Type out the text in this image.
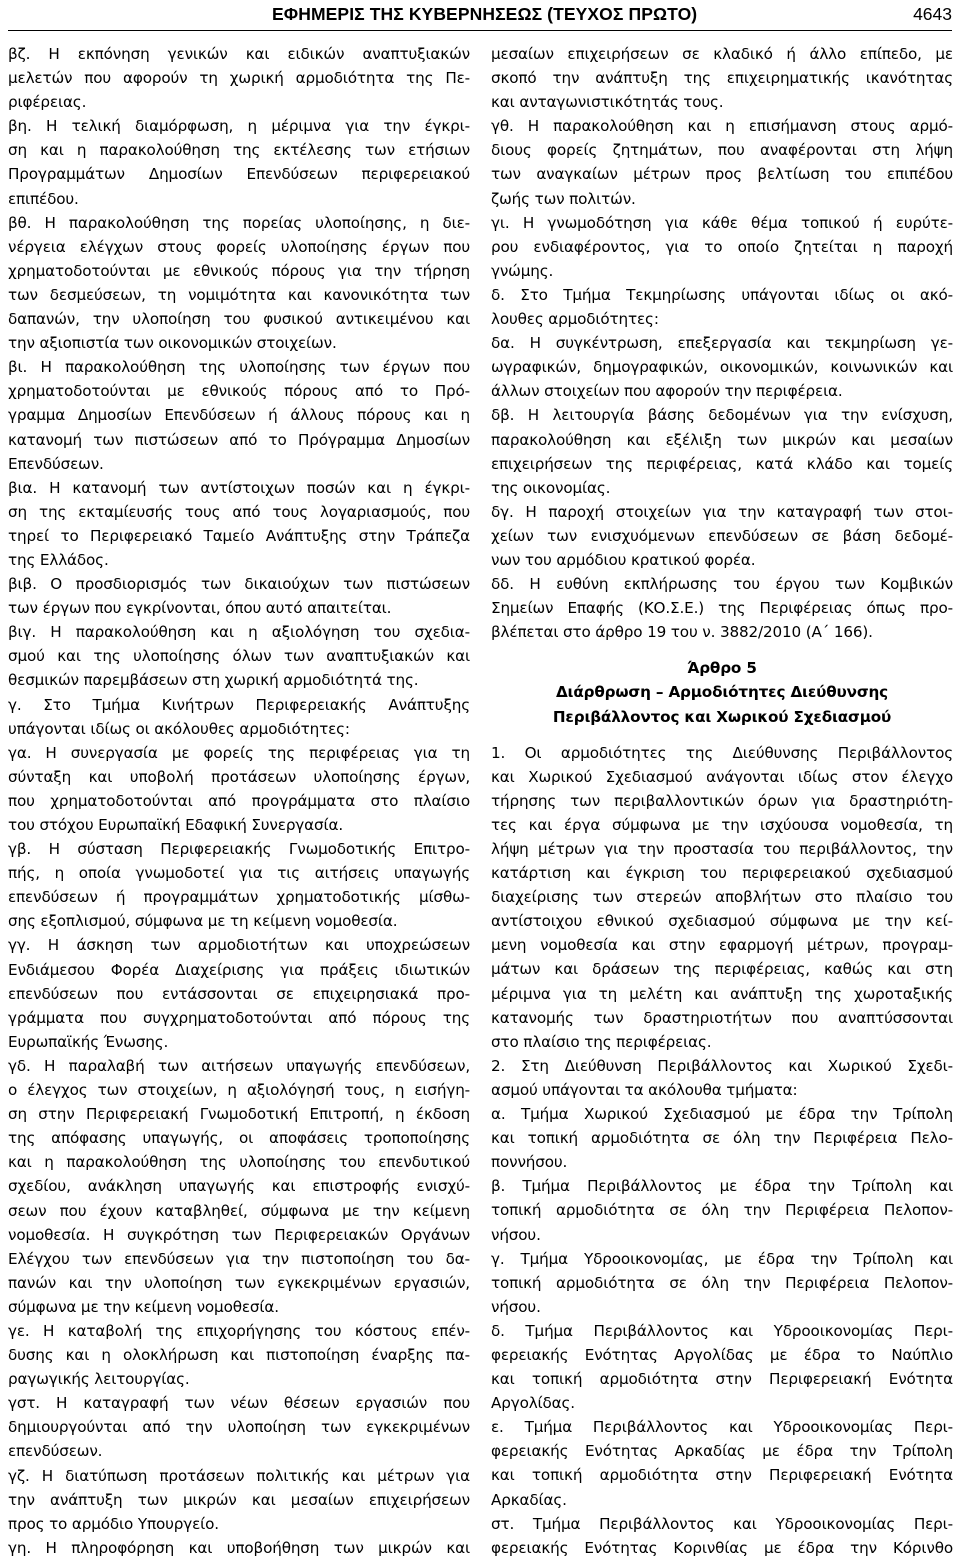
ΕΦΗΜΕΡΙΣ ΤΗΣ ΚΥΒΕΡΝΗΣΕΩΣ (ΤΕΥΧΟΣ ΠΡΩΤΟ)	4643
βζ. Η εκπόνηση γενικών και ειδικών αναπτυξιακών
μελετών που αφορούν τη χωρική αρμοδιότητα της Πε-
ριφέρειας.
βη. Η τελική διαμόρφωση, η μέριμνα για την έγκρι-
ση και η παρακολούθηση της εκτέλεσης των ετήσιων
Προγραμμάτων Δημοσίων Επενδύσεων περιφερειακού
επιπέδου.
βθ. Η παρακολούθηση της πορείας υλοποίησης, η διε-
νέργεια ελέγχων στους φορείς υλοποίησης έργων που
χρηματοδοτούνται με εθνικούς πόρους για την τήρηση
των δεσμεύσεων, τη νομιμότητα και κανονικότητα των
δαπανών, την υλοποίηση του φυσικού αντικειμένου και
την αξιοπιστία των οικονομικών στοιχείων.
βι. Η παρακολούθηση της υλοποίησης των έργων που
χρηματοδοτούνται με εθνικούς πόρους από το Πρό-
γραμμα Δημοσίων Επενδύσεων ή άλλους πόρους και η
κατανομή των πιστώσεων από το Πρόγραμμα Δημοσίων
Επενδύσεων.
βια. Η κατανομή των αντίστοιχων ποσών και η έγκρι-
ση της εκταμίευσής τους από τους λογαριασμούς, που
τηρεί το Περιφερειακό Ταμείο Ανάπτυξης στην Τράπεζα
της Ελλάδος.
βιβ. Ο προσδιορισμός των δικαιούχων των πιστώσεων
των έργων που εγκρίνονται, όπου αυτό απαιτείται.
βιγ. Η παρακολούθηση και η αξιολόγηση του σχεδια-
σμού και της υλοποίησης όλων των αναπτυξιακών και
θεσμικών παρεμβάσεων στη χωρική αρμοδιότητά της.
γ. Στο Τμήμα Κινήτρων Περιφερειακής Ανάπτυξης
υπάγονται ιδίως οι ακόλουθες αρμοδιότητες:
γα. Η συνεργασία με φορείς της περιφέρειας για τη
σύνταξη και υποβολή προτάσεων υλοποίησης έργων,
που χρηματοδοτούνται από προγράμματα στο πλαίσιο
του στόχου Ευρωπαϊκή Εδαφική Συνεργασία.
γβ. Η σύσταση Περιφερειακής Γνωμοδοτικής Επιτρο-
πής, η οποία γνωμοδοτεί για τις αιτήσεις υπαγωγής
επενδύσεων ή προγραμμάτων χρηματοδοτικής μίσθω-
σης εξοπλισμού, σύμφωνα με τη κείμενη νομοθεσία.
γγ. Η άσκηση των αρμοδιοτήτων και υποχρεώσεων
Ενδιάμεσου Φορέα Διαχείρισης για πράξεις ιδιωτικών
επενδύσεων που εντάσσονται σε επιχειρησιακά προ-
γράμματα που συγχρηματοδοτούνται από πόρους της
Ευρωπαϊκής Ένωσης.
γδ. Η παραλαβή των αιτήσεων υπαγωγής επενδύσεων,
ο έλεγχος των στοιχείων, η αξιολόγησή τους, η εισήγη-
ση στην Περιφερειακή Γνωμοδοτική Επιτροπή, η έκδοση
της απόφασης υπαγωγής, οι αποφάσεις τροποποίησης
και η παρακολούθηση της υλοποίησης του επενδυτικού
σχεδίου, ανάκληση υπαγωγής και επιστροφής ενισχύ-
σεων που έχουν καταβληθεί, σύμφωνα με την κείμενη
νομοθεσία. Η συγκρότηση των Περιφερειακών Οργάνων
Ελέγχου των επενδύσεων για την πιστοποίηση του δα-
πανών και την υλοποίηση των εγκεκριμένων εργασιών,
σύμφωνα με την κείμενη νομοθεσία.
γε. Η καταβολή της επιχορήγησης του κόστους επέν-
δυσης και η ολοκλήρωση και πιστοποίηση έναρξης πα-
ραγωγικής λειτουργίας.
γστ. Η καταγραφή των νέων θέσεων εργασιών που
δημιουργούνται από την υλοποίηση των εγκεκριμένων
επενδύσεων.
γζ. Η διατύπωση προτάσεων πολιτικής και μέτρων για
την ανάπτυξη των μικρών και μεσαίων επιχειρήσεων
προς το αρμόδιο Υπουργείο.
γη. Η πληροφόρηση και υποβοήθηση των μικρών και
μεσαίων επιχειρήσεων σε κλαδικό ή άλλο επίπεδο, με
σκοπό την ανάπτυξη της επιχειρηματικής ικανότητας
και ανταγωνιστικότητάς τους.
γθ. Η παρακολούθηση και η επισήμανση στους αρμό-
διους φορείς ζητημάτων, που αναφέρονται στη λήψη
των αναγκαίων μέτρων προς βελτίωση του επιπέδου
ζωής των πολιτών.
γι. Η γνωμοδότηση για κάθε θέμα τοπικού ή ευρύτε-
ρου ενδιαφέροντος, για το οποίο ζητείται η παροχή
γνώμης.
δ. Στο Τμήμα Τεκμηρίωσης υπάγονται ιδίως οι ακό-
λουθες αρμοδιότητες:
δα. Η συγκέντρωση, επεξεργασία και τεκμηρίωση γε-
ωγραφικών, δημογραφικών, οικονομικών, κοινωνικών και
άλλων στοιχείων που αφορούν την περιφέρεια.
δβ. Η λειτουργία βάσης δεδομένων για την ενίσχυση,
παρακολούθηση και εξέλιξη των μικρών και μεσαίων
επιχειρήσεων της περιφέρειας, κατά κλάδο και τομείς
της οικονομίας.
δγ. Η παροχή στοιχείων για την καταγραφή των στοι-
χείων των ενισχυόμενων επενδύσεων σε βάση δεδομέ-
νων του αρμόδιου κρατικού φορέα.
δδ. Η ευθύνη εκπλήρωσης του έργου των Κομβικών
Σημείων Επαφής (ΚΟ.Σ.Ε.) της Περιφέρειας όπως προ-
βλέπεται στο άρθρο 19 του ν. 3882/2010 (Α΄ 166).
Άρθρο 5
Διάρθρωση – Αρμοδιότητες Διεύθυνσης
Περιβάλλοντος και Χωρικού Σχεδιασμού
1. Οι αρμοδιότητες της Διεύθυνσης Περιβάλλοντος
και Χωρικού Σχεδιασμού ανάγονται ιδίως στον έλεγχο
τήρησης των περιβαλλοντικών όρων για δραστηριότη-
τες και έργα σύμφωνα με την ισχύουσα νομοθεσία, τη
λήψη μέτρων για την προστασία του περιβάλλοντος, την
κατάρτιση και έγκριση του περιφερειακού σχεδιασμού
διαχείρισης των στερεών αποβλήτων στο πλαίσιο του
αντίστοιχου εθνικού σχεδιασμού σύμφωνα με την κεί-
μενη νομοθεσία και στην εφαρμογή μέτρων, προγραμ-
μάτων και δράσεων της περιφέρειας, καθώς και στη
μέριμνα για τη μελέτη και ανάπτυξη της χωροταξικής
κατανομής των δραστηριοτήτων που αναπτύσσονται
στο πλαίσιο της περιφέρειας.
2. Στη Διεύθυνση Περιβάλλοντος και Χωρικού Σχεδι-
ασμού υπάγονται τα ακόλουθα τμήματα:
α. Τμήμα Χωρικού Σχεδιασμού με έδρα την Τρίπολη
και τοπική αρμοδιότητα σε όλη την Περιφέρεια Πελο-
ποννήσου.
β. Τμήμα Περιβάλλοντος με έδρα την Τρίπολη και
τοπική αρμοδιότητα σε όλη την Περιφέρεια Πελοπον-
νήσου.
γ. Τμήμα Υδροοικονομίας, με έδρα την Τρίπολη και
τοπική αρμοδιότητα σε όλη την Περιφέρεια Πελοπον-
νήσου.
δ. Τμήμα Περιβάλλοντος και Υδροοικονομίας Περι-
φερειακής Ενότητας Αργολίδας με έδρα το Ναύπλιο
και τοπική αρμοδιότητα στην Περιφερειακή Ενότητα
Αργολίδας.
ε. Τμήμα Περιβάλλοντος και Υδροοικονομίας Περι-
φερειακής Ενότητας Αρκαδίας με έδρα την Τρίπολη
και τοπική αρμοδιότητα στην Περιφερειακή Ενότητα
Αρκαδίας.
στ. Τμήμα Περιβάλλοντος και Υδροοικονομίας Περι-
φερειακής Ενότητας Κορινθίας με έδρα την Κόρινθο
